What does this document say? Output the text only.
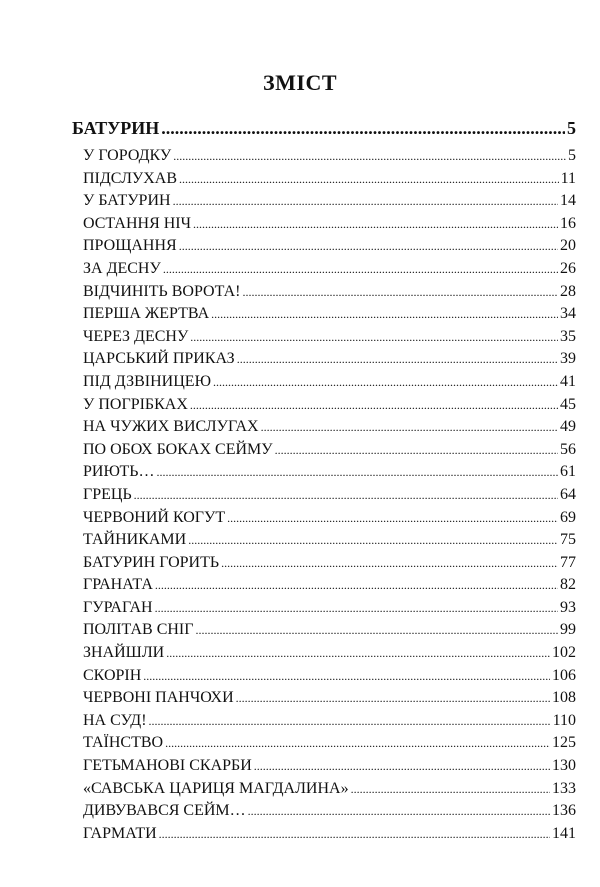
ЗМІСТ
БАТУРИН .....	5
У ГОРОДКУ .....	5
ПІДСЛУХАВ .....	11
У БАТУРИН .....	14
ОСТАННЯ НІЧ .....	16
ПРОЩАННЯ .....	20
ЗА ДЕСНУ .....	26
ВІДЧИНІТЬ ВОРОТА! .....	28
ПЕРША ЖЕРТВА .....	34
ЧЕРЕЗ ДЕСНУ .....	35
ЦАРСЬКИЙ ПРИКАЗ .....	39
ПІД ДЗВІНИЦЕЮ .....	41
У ПОГРІБКАХ .....	45
НА ЧУЖИХ ВИСЛУГАХ .....	49
ПО ОБОХ БОКАХ СЕЙМУ .....	56
РИЮТЬ… .....	61
ГРЕЦЬ .....	64
ЧЕРВОНИЙ КОГУТ .....	69
ТАЙНИКАМИ .....	75
БАТУРИН ГОРИТЬ .....	77
ГРАНАТА .....	82
ГУРАГАН .....	93
ПОЛІТАВ СНІГ .....	99
ЗНАЙШЛИ .....	102
СКОРІН .....	106
ЧЕРВОНІ ПАНЧОХИ .....	108
НА СУД! .....	110
ТАЇНСТВО .....	125
ГЕТЬМАНОВІ СКАРБИ .....	130
«САВСЬКА ЦАРИЦЯ МАГДАЛИНА» .....	133
ДИВУВАВСЯ СЕЙМ… .....	136
ГАРМАТИ .....	141
